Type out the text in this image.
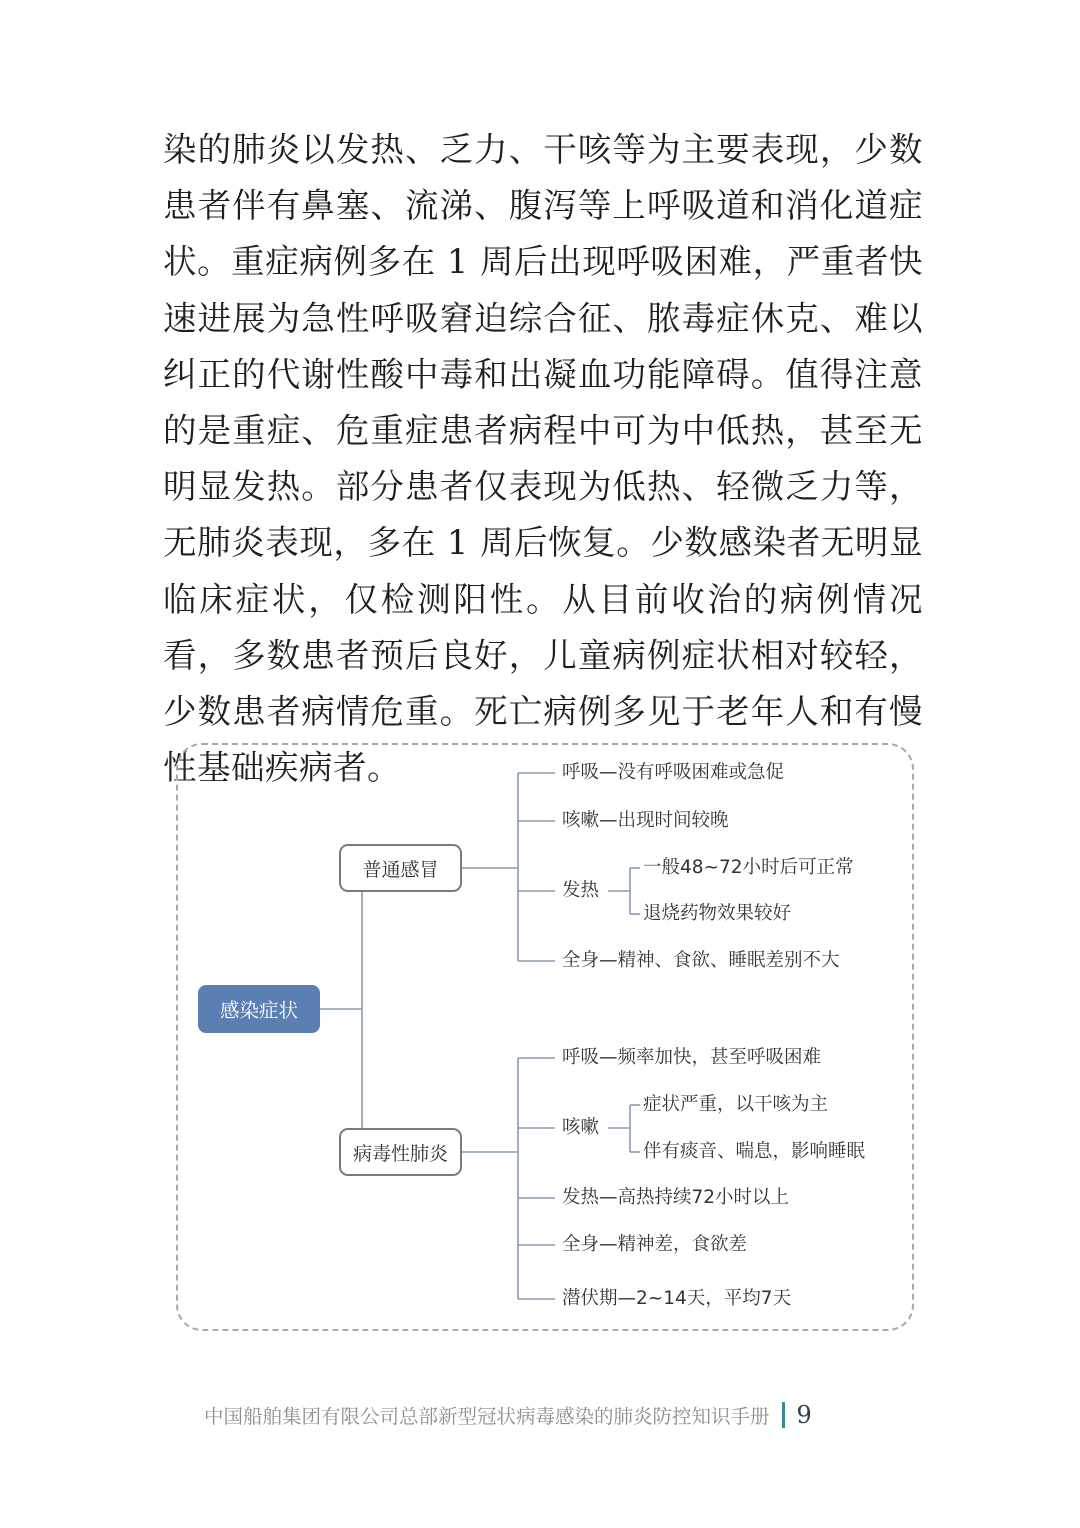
染的肺炎以发热、乏力、干咳等为主要表现，少数患者伴有鼻塞、流涕、腹泻等上呼吸道和消化道症状。重症病例多在 1 周后出现呼吸困难，严重者快速进展为急性呼吸窘迫综合征、脓毒症休克、难以纠正的代谢性酸中毒和出凝血功能障碍。值得注意的是重症、危重症患者病程中可为中低热，甚至无明显发热。部分患者仅表现为低热、轻微乏力等，无肺炎表现，多在 1 周后恢复。少数感染者无明显临床症状，仅检测阳性。从目前收治的病例情况看，多数患者预后良好，儿童病例症状相对较轻，少数患者病情危重。死亡病例多见于老年人和有慢性基础疾病者。

感染症状
普通感冒
病毒性肺炎
呼吸—没有呼吸困难或急促
咳嗽—出现时间较晚
发热
一般48~72小时后可正常
退烧药物效果较好
全身—精神、食欲、睡眠差别不大
呼吸—频率加快，甚至呼吸困难
咳嗽
症状严重，以干咳为主
伴有痰音、喘息，影响睡眠
发热—高热持续72小时以上
全身—精神差，食欲差
潜伏期—2~14天，平均7天
中国船舶集团有限公司总部新型冠状病毒感染的肺炎防控知识手册 9
